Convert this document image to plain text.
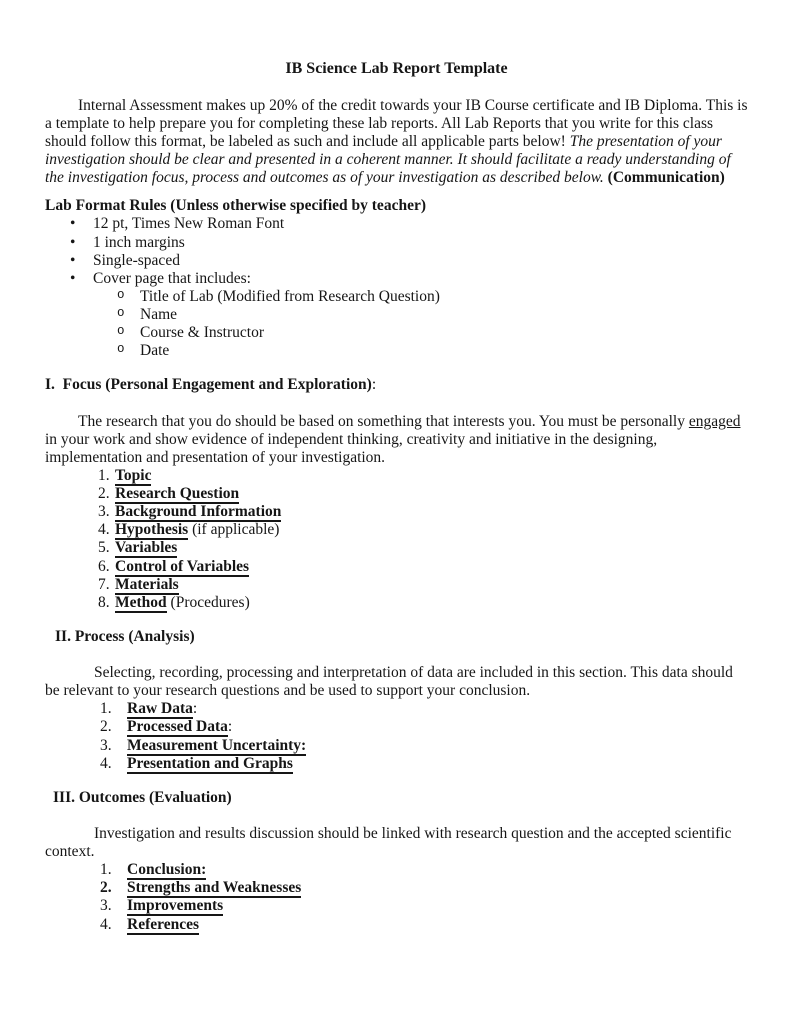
IB Science Lab Report Template

Internal Assessment makes up 20% of the credit towards your IB Course certificate and IB Diploma. This is a template to help prepare you for completing these lab reports. All Lab Reports that you write for this class should follow this format, be labeled as such and include all applicable parts below! The presentation of your investigation should be clear and presented in a coherent manner. It should facilitate a ready understanding of the investigation focus, process and outcomes as of your investigation as described below. (Communication)

Lab Format Rules (Unless otherwise specified by teacher)
•	12 pt, Times New Roman Font
•	1 inch margins
•	Single-spaced
•	Cover page that includes:
o Title of Lab (Modified from Research Question)
o Name
o Course & Instructor
o Date
I.  Focus (Personal Engagement and Exploration):

The research that you do should be based on something that interests you. You must be personally engaged in your work and show evidence of independent thinking, creativity and initiative in the designing, implementation and presentation of your investigation.

1. Topic
2. Research Question
3. Background Information
4. Hypothesis (if applicable)
5. Variables
6. Control of Variables
7. Materials
8. Method (Procedures)
II. Process (Analysis)

Selecting, recording, processing and interpretation of data are included in this section. This data should be relevant to your research questions and be used to support your conclusion.

1. Raw Data:
2. Processed Data:
3. Measurement Uncertainty:
4. Presentation and Graphs
III. Outcomes (Evaluation)

Investigation and results discussion should be linked with research question and the accepted scientific context.

1. Conclusion:
2. Strengths and Weaknesses
3. Improvements
4. References
